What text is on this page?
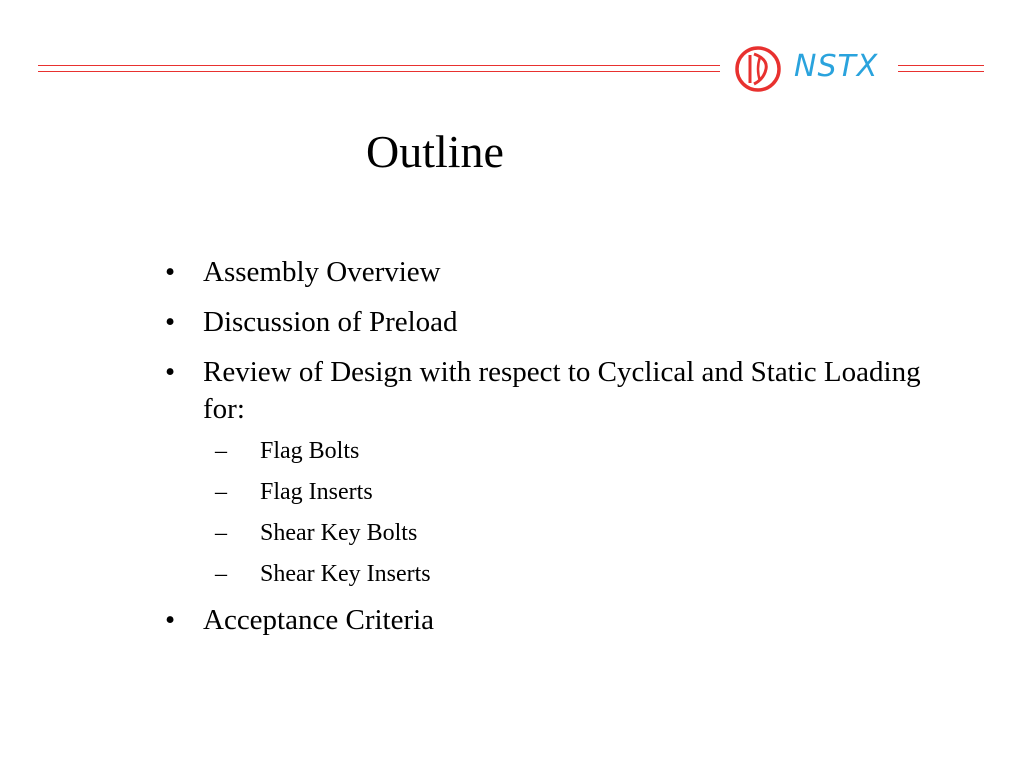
NSTX
Outline
• Assembly Overview
• Discussion of Preload
• Review of Design with respect to Cyclical and Static Loading for:
– Flag Bolts
– Flag Inserts
– Shear Key Bolts
– Shear Key Inserts
• Acceptance Criteria
